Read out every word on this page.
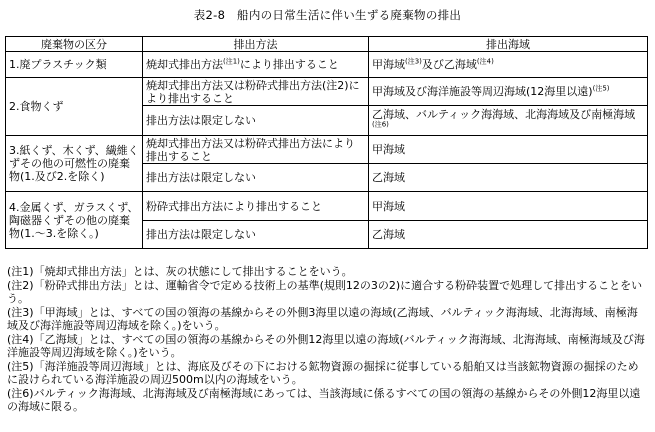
表2-8　船内の日常生活に伴い生ずる廃棄物の排出
廃棄物の区分	排出方法	排出海域
1.廃プラスチック類	焼却式排出方法$^{(注1)}$により排出すること	甲海域$^{(注3)}$及び乙海域$^{(注4)}$
2.食物くず	焼却式排出方法又は粉砕式排出方法(注2)により排出すること	甲海域及び海洋施設等周辺海域(12海里以遠)$^{(注5)}$
	排出方法は限定しない	乙海域、バルティック海海域、北海海域及び南極海域$^{(注6)}$
3.紙くず、木くず、繊維くずその他の可燃性の廃棄物(1.及び2.を除く)	焼却式排出方法又は粉砕式排出方法により排出すること	甲海域
	排出方法は限定しない	乙海域
4.金属くず、ガラスくず、陶磁器くずその他の廃棄物(1.～3.を除く。)	粉砕式排出方法により排出すること	甲海域
	排出方法は限定しない	乙海域
(注1)「焼却式排出方法」とは、灰の状態にして排出することをいう。
(注2)「粉砕式排出方法」とは、運輸省令で定める技術上の基準(規則12の3の2)に適合する粉砕装置で処理して排出することをいう。
(注3)「甲海域」とは、すべての国の領海の基線からその外側3海里以遠の海域(乙海域、バルティック海海域、北海海域、南極海域及び海洋施設等周辺海域を除く。)をいう。
(注4)「乙海域」とは、すべての国の領海の基線からその外側12海里以遠の海域(バルティック海海域、北海海域、南極海域及び海洋施設等周辺海域を除く。)をいう。
(注5)「海洋施設等周辺海域」とは、海底及びその下における鉱物資源の掘採に従事している船舶又は当該鉱物資源の掘採のために設けられている海洋施設の周辺500m以内の海域をいう。
(注6)バルティック海海域、北海海域及び南極海域にあっては、当該海域に係るすべての国の領海の基線からその外側12海里以遠の海域に限る。
